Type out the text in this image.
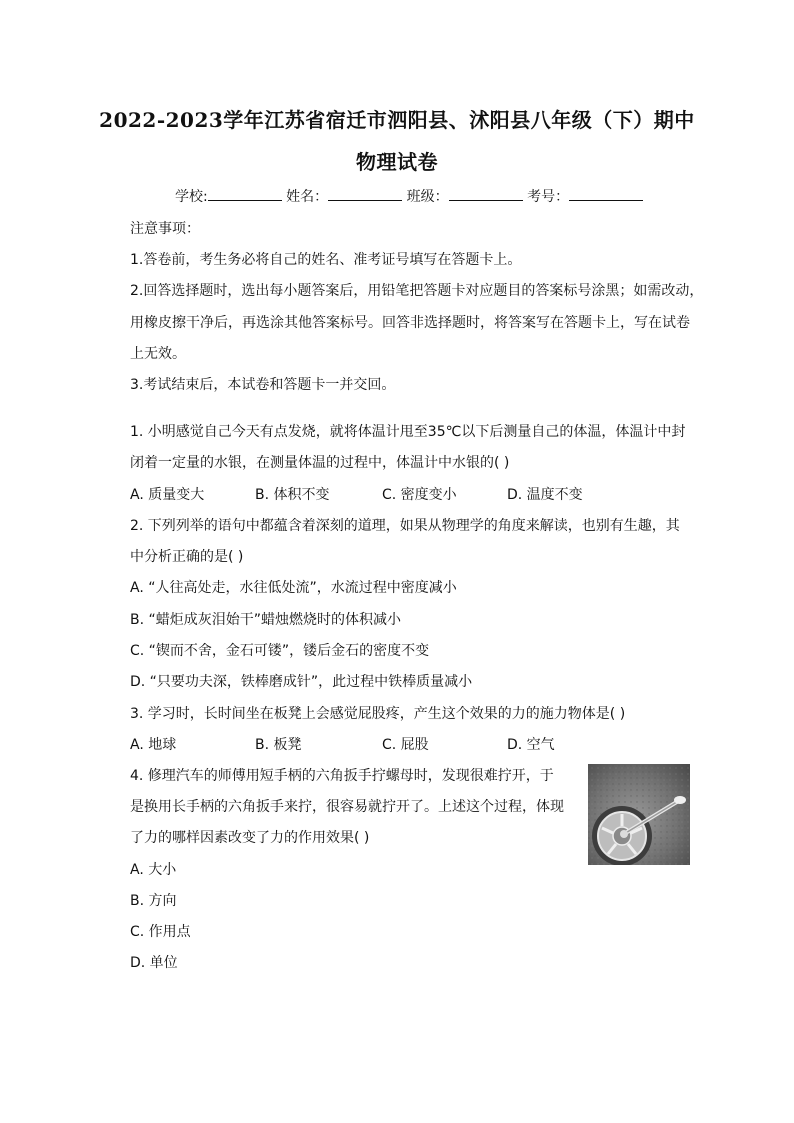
2022-2023学年江苏省宿迁市泗阳县、沭阳县八年级（下）期中
物理试卷
学校:	姓名：	班级：	考号：
注意事项：
1.答卷前，考生务必将自己的姓名、准考证号填写在答题卡上。
2.回答选择题时，选出每小题答案后，用铅笔把答题卡对应题目的答案标号涂黑；如需改动，
用橡皮擦干净后，再选涂其他答案标号。回答非选择题时，将答案写在答题卡上，写在试卷
上无效。
3.考试结束后，本试卷和答题卡一并交回。
1. 小明感觉自己今天有点发烧，就将体温计甩至35℃以下后测量自己的体温，体温计中封
闭着一定量的水银，在测量体温的过程中，体温计中水银的( )
A. 质量变大	B. 体积不变	C. 密度变小	D. 温度不变
2. 下列列举的语句中都蕴含着深刻的道理，如果从物理学的角度来解读，也别有生趣，其
中分析正确的是( )
A. “人往高处走，水往低处流”，水流过程中密度减小
B. “蜡炬成灰泪始干”蜡烛燃烧时的体积减小
C. “锲而不舍，金石可镂”，镂后金石的密度不变
D. “只要功夫深，铁棒磨成针”，此过程中铁棒质量减小
3. 学习时，长时间坐在板凳上会感觉屁股疼，产生这个效果的力的施力物体是( )
A. 地球	B. 板凳	C. 屁股	D. 空气
4. 修理汽车的师傅用短手柄的六角扳手拧螺母时，发现很难拧开，于
是换用长手柄的六角扳手来拧，很容易就拧开了。上述这个过程，体现
了力的哪样因素改变了力的作用效果( )
A. 大小
B. 方向
C. 作用点
D. 单位
